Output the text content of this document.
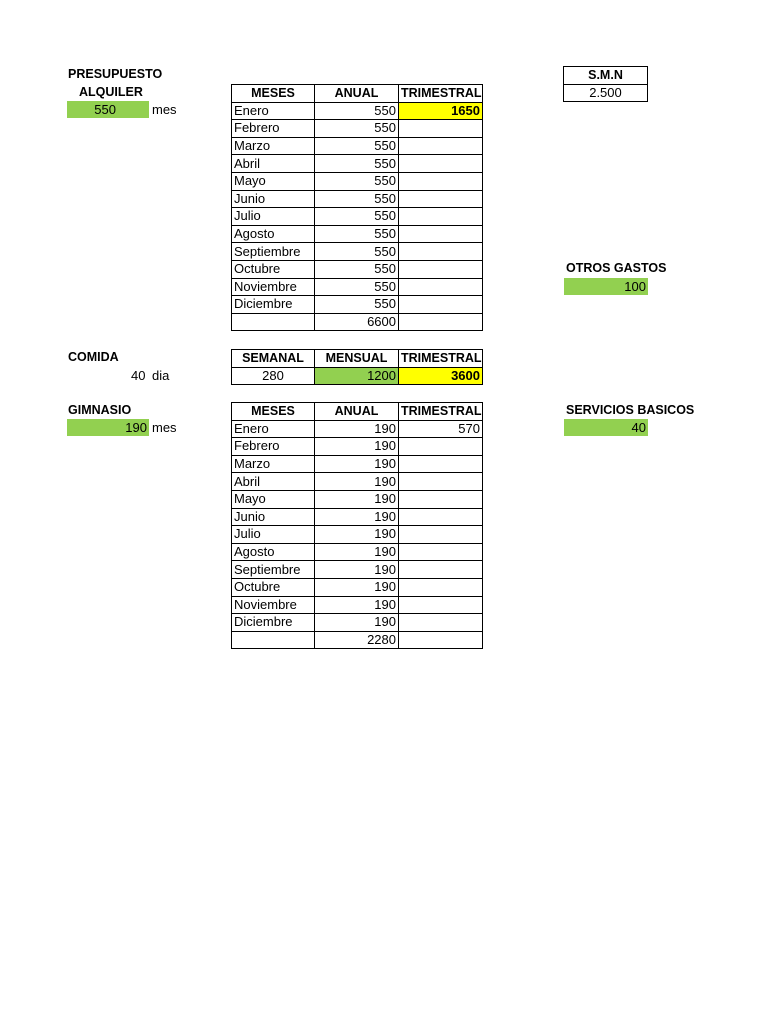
PRESUPUESTO
ALQUILER
550	mes
MESES	ANUAL	TRIMESTRAL
Enero	550	1650
Febrero	550	
Marzo	550	
Abril	550	
Mayo	550	
Junio	550	
Julio	550	
Agosto	550	
Septiembre	550	
Octubre	550	
Noviembre	550	
Diciembre	550	
	6600	
S.M.N
2.500
OTROS GASTOS
100
COMIDA
40 dia
SEMANAL	MENSUAL	TRIMESTRAL
280	1200	3600
GIMNASIO
190 mes
MESES	ANUAL	TRIMESTRAL
Enero	190	570
Febrero	190	
Marzo	190	
Abril	190	
Mayo	190	
Junio	190	
Julio	190	
Agosto	190	
Septiembre	190	
Octubre	190	
Noviembre	190	
Diciembre	190	
	2280	
SERVICIOS BASICOS
40
